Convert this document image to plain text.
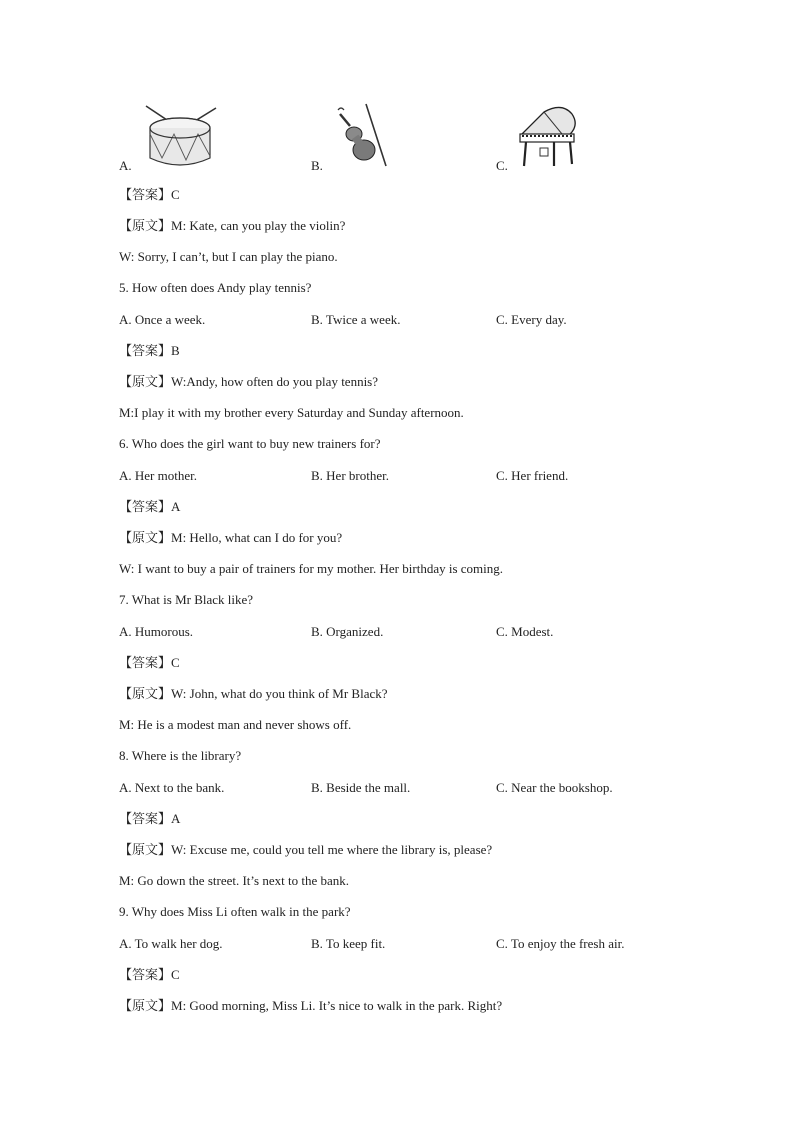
A.	B.	C.
【答案】C
【原文】M: Kate, can you play the violin?
W: Sorry, I can’t, but I can play the piano.
5. How often does Andy play tennis?
A. Once a week.	B. Twice a week.	C. Every day.
【答案】B
【原文】W:Andy, how often do you play tennis?
M:I play it with my brother every Saturday and Sunday afternoon.
6. Who does the girl want to buy new trainers for?
A. Her mother.	B. Her brother.	C. Her friend.
【答案】A
【原文】M: Hello, what can I do for you?
W: I want to buy a pair of trainers for my mother. Her birthday is coming.
7. What is Mr Black like?
A. Humorous.	B. Organized.	C. Modest.
【答案】C
【原文】W: John, what do you think of Mr Black?
M: He is a modest man and never shows off.
8. Where is the library?
A. Next to the bank.	B. Beside the mall.	C. Near the bookshop.
【答案】A
【原文】W: Excuse me, could you tell me where the library is, please?
M: Go down the street. It’s next to the bank.
9. Why does Miss Li often walk in the park?
A. To walk her dog.	B. To keep fit.	C. To enjoy the fresh air.
【答案】C
【原文】M: Good morning, Miss Li. It’s nice to walk in the park. Right?
